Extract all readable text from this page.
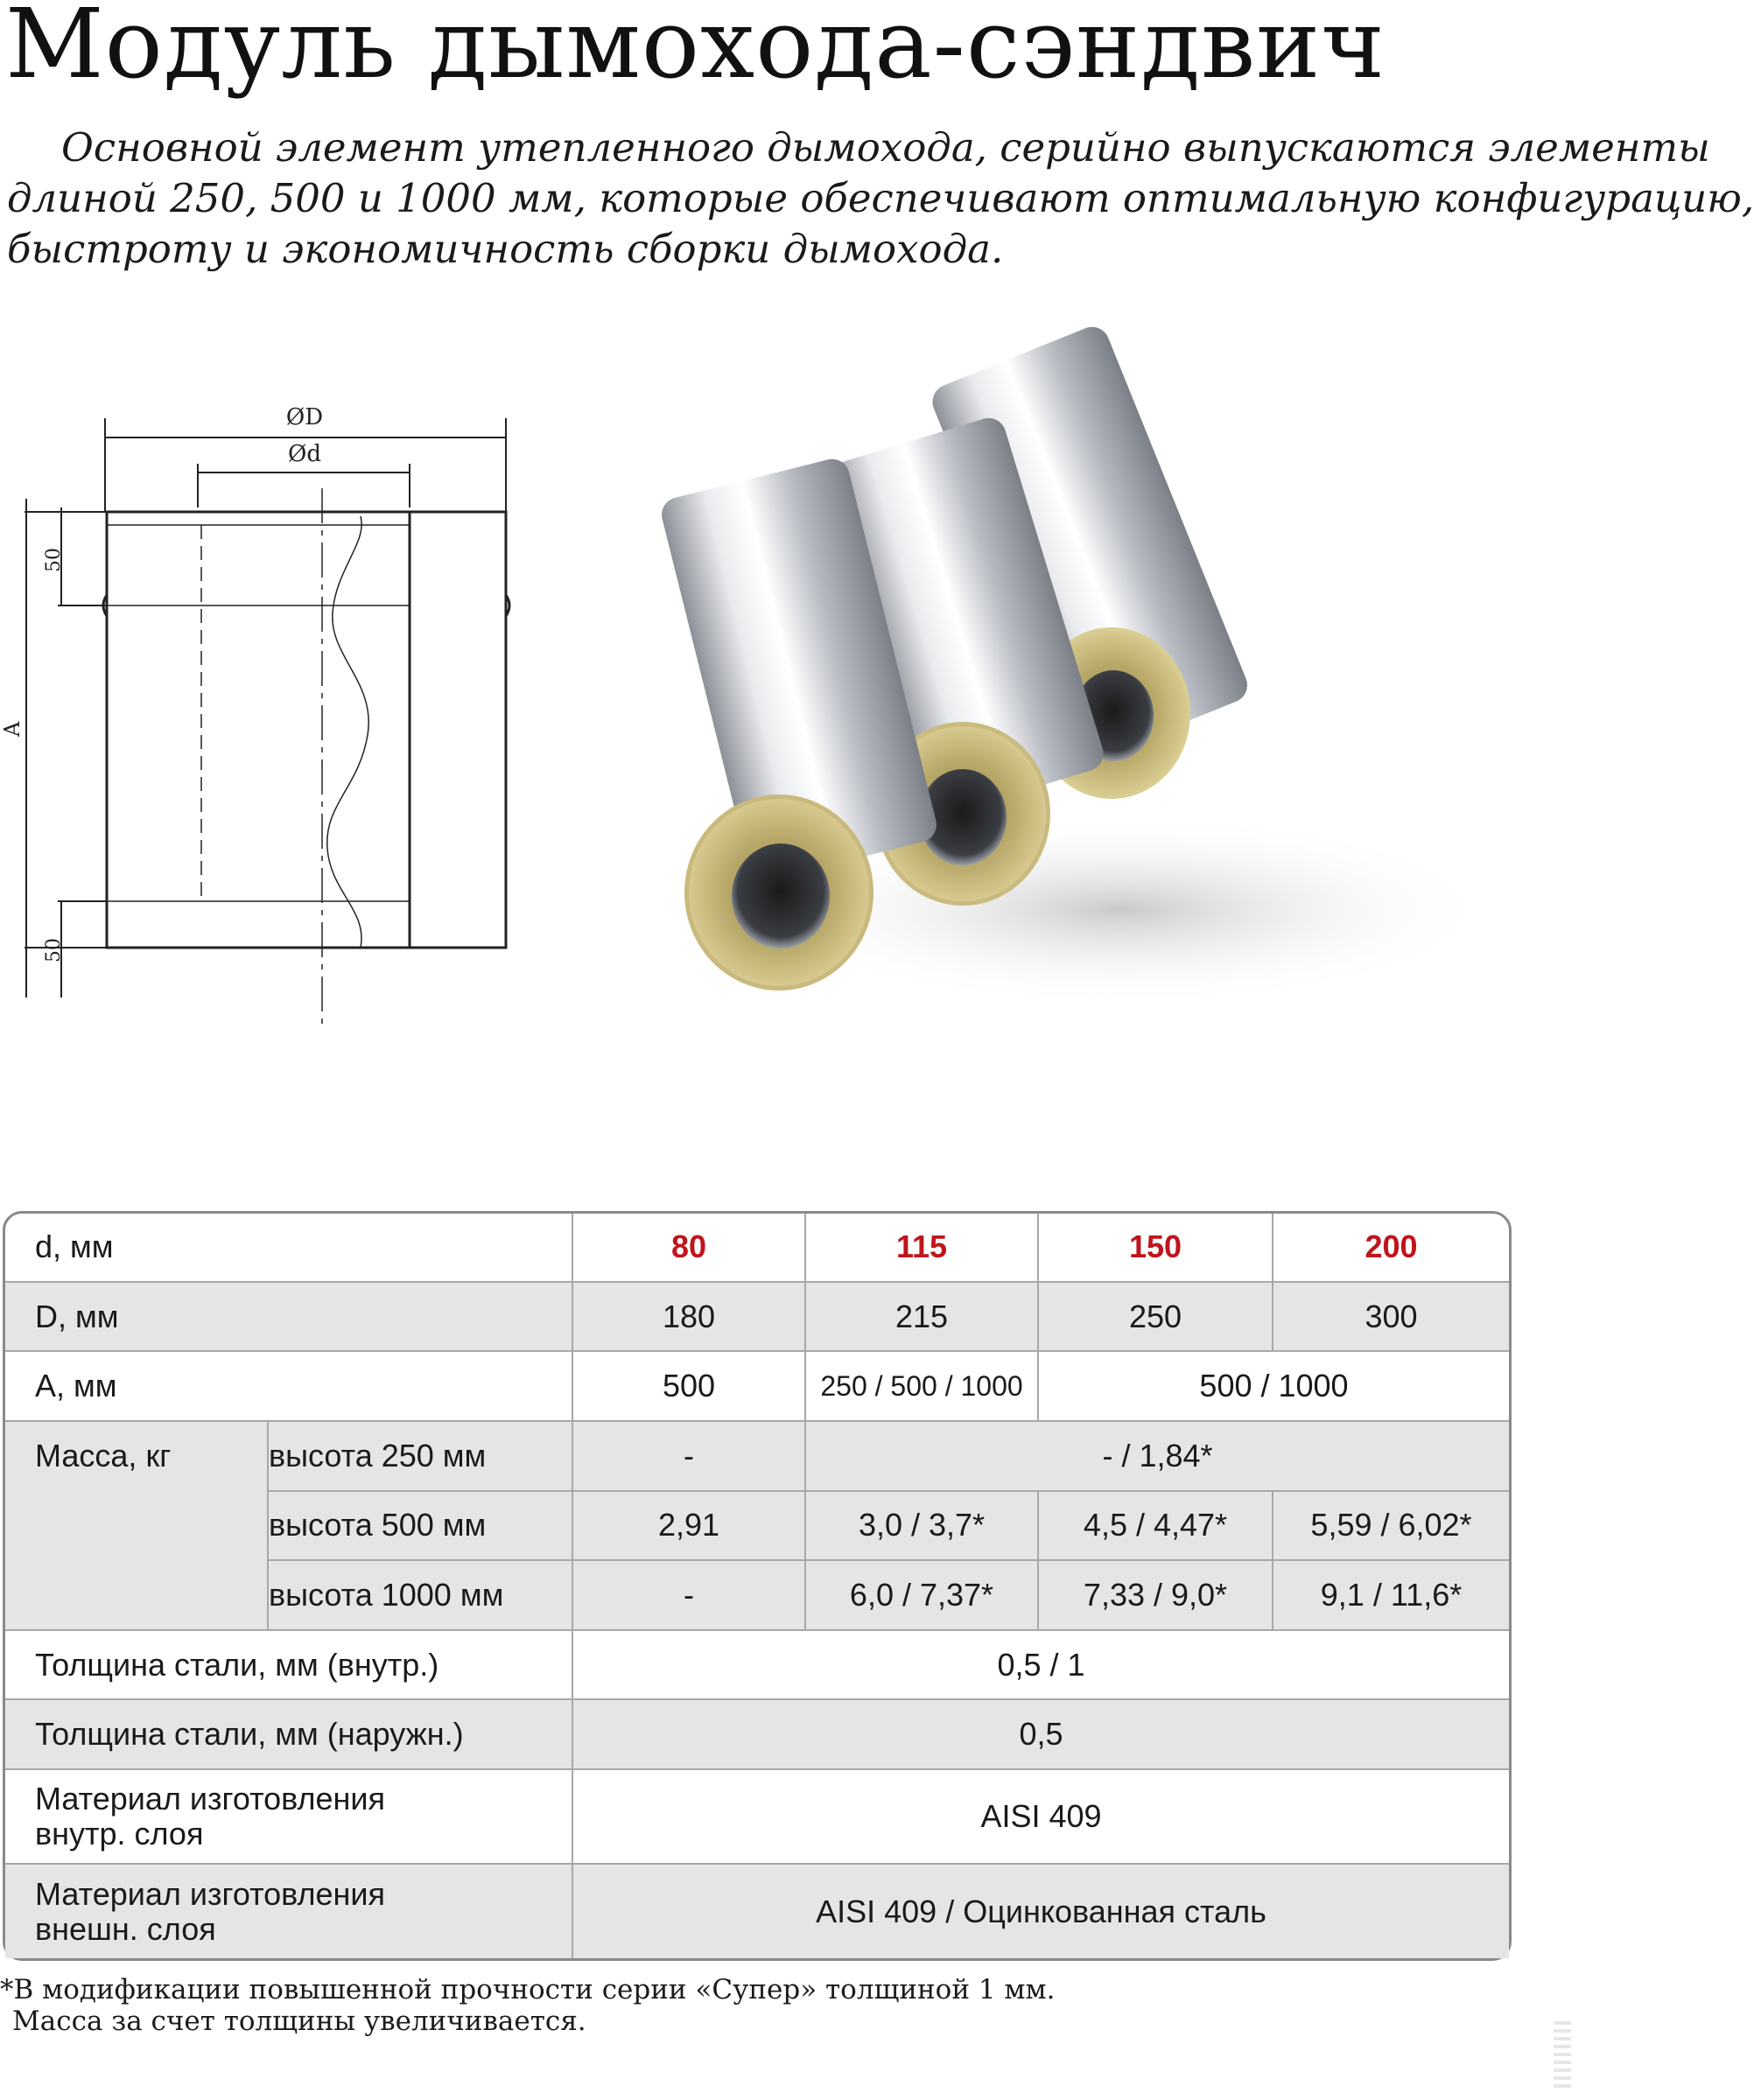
Модуль дымохода-сэндвич
Основной элемент утепленного дымохода, серийно выпускаются элементы
длиной 250, 500 и 1000 мм, которые обеспечивают оптимальную конфигурацию,
быстроту и экономичность сборки дымохода.
ØD
Ød
A
50
50
d, мм		80	115	150	200
D, мм		180	215	250	300
А, мм		500	250 / 500 / 1000	500 / 1000	
Масса, кг	высота 250 мм	-	- / 1,84*		
	высота 500 мм	2,91	3,0 / 3,7*	4,5 / 4,47*	5,59 / 6,02*
	высота 1000 мм	-	6,0 / 7,37*	7,33 / 9,0*	9,1 / 11,6*
Толщина стали, мм (внутр.)		0,5 / 1			
Толщина стали, мм (наружн.)		0,5			

Материал изготовления
внутр. слоя		AISI 409			

Материал изготовления
внешн. слоя		AISI 409 / Оцинкованная сталь			
*В модификации повышенной прочности серии «Супер» толщиной 1 мм.
Масса за счет толщины увеличивается.
